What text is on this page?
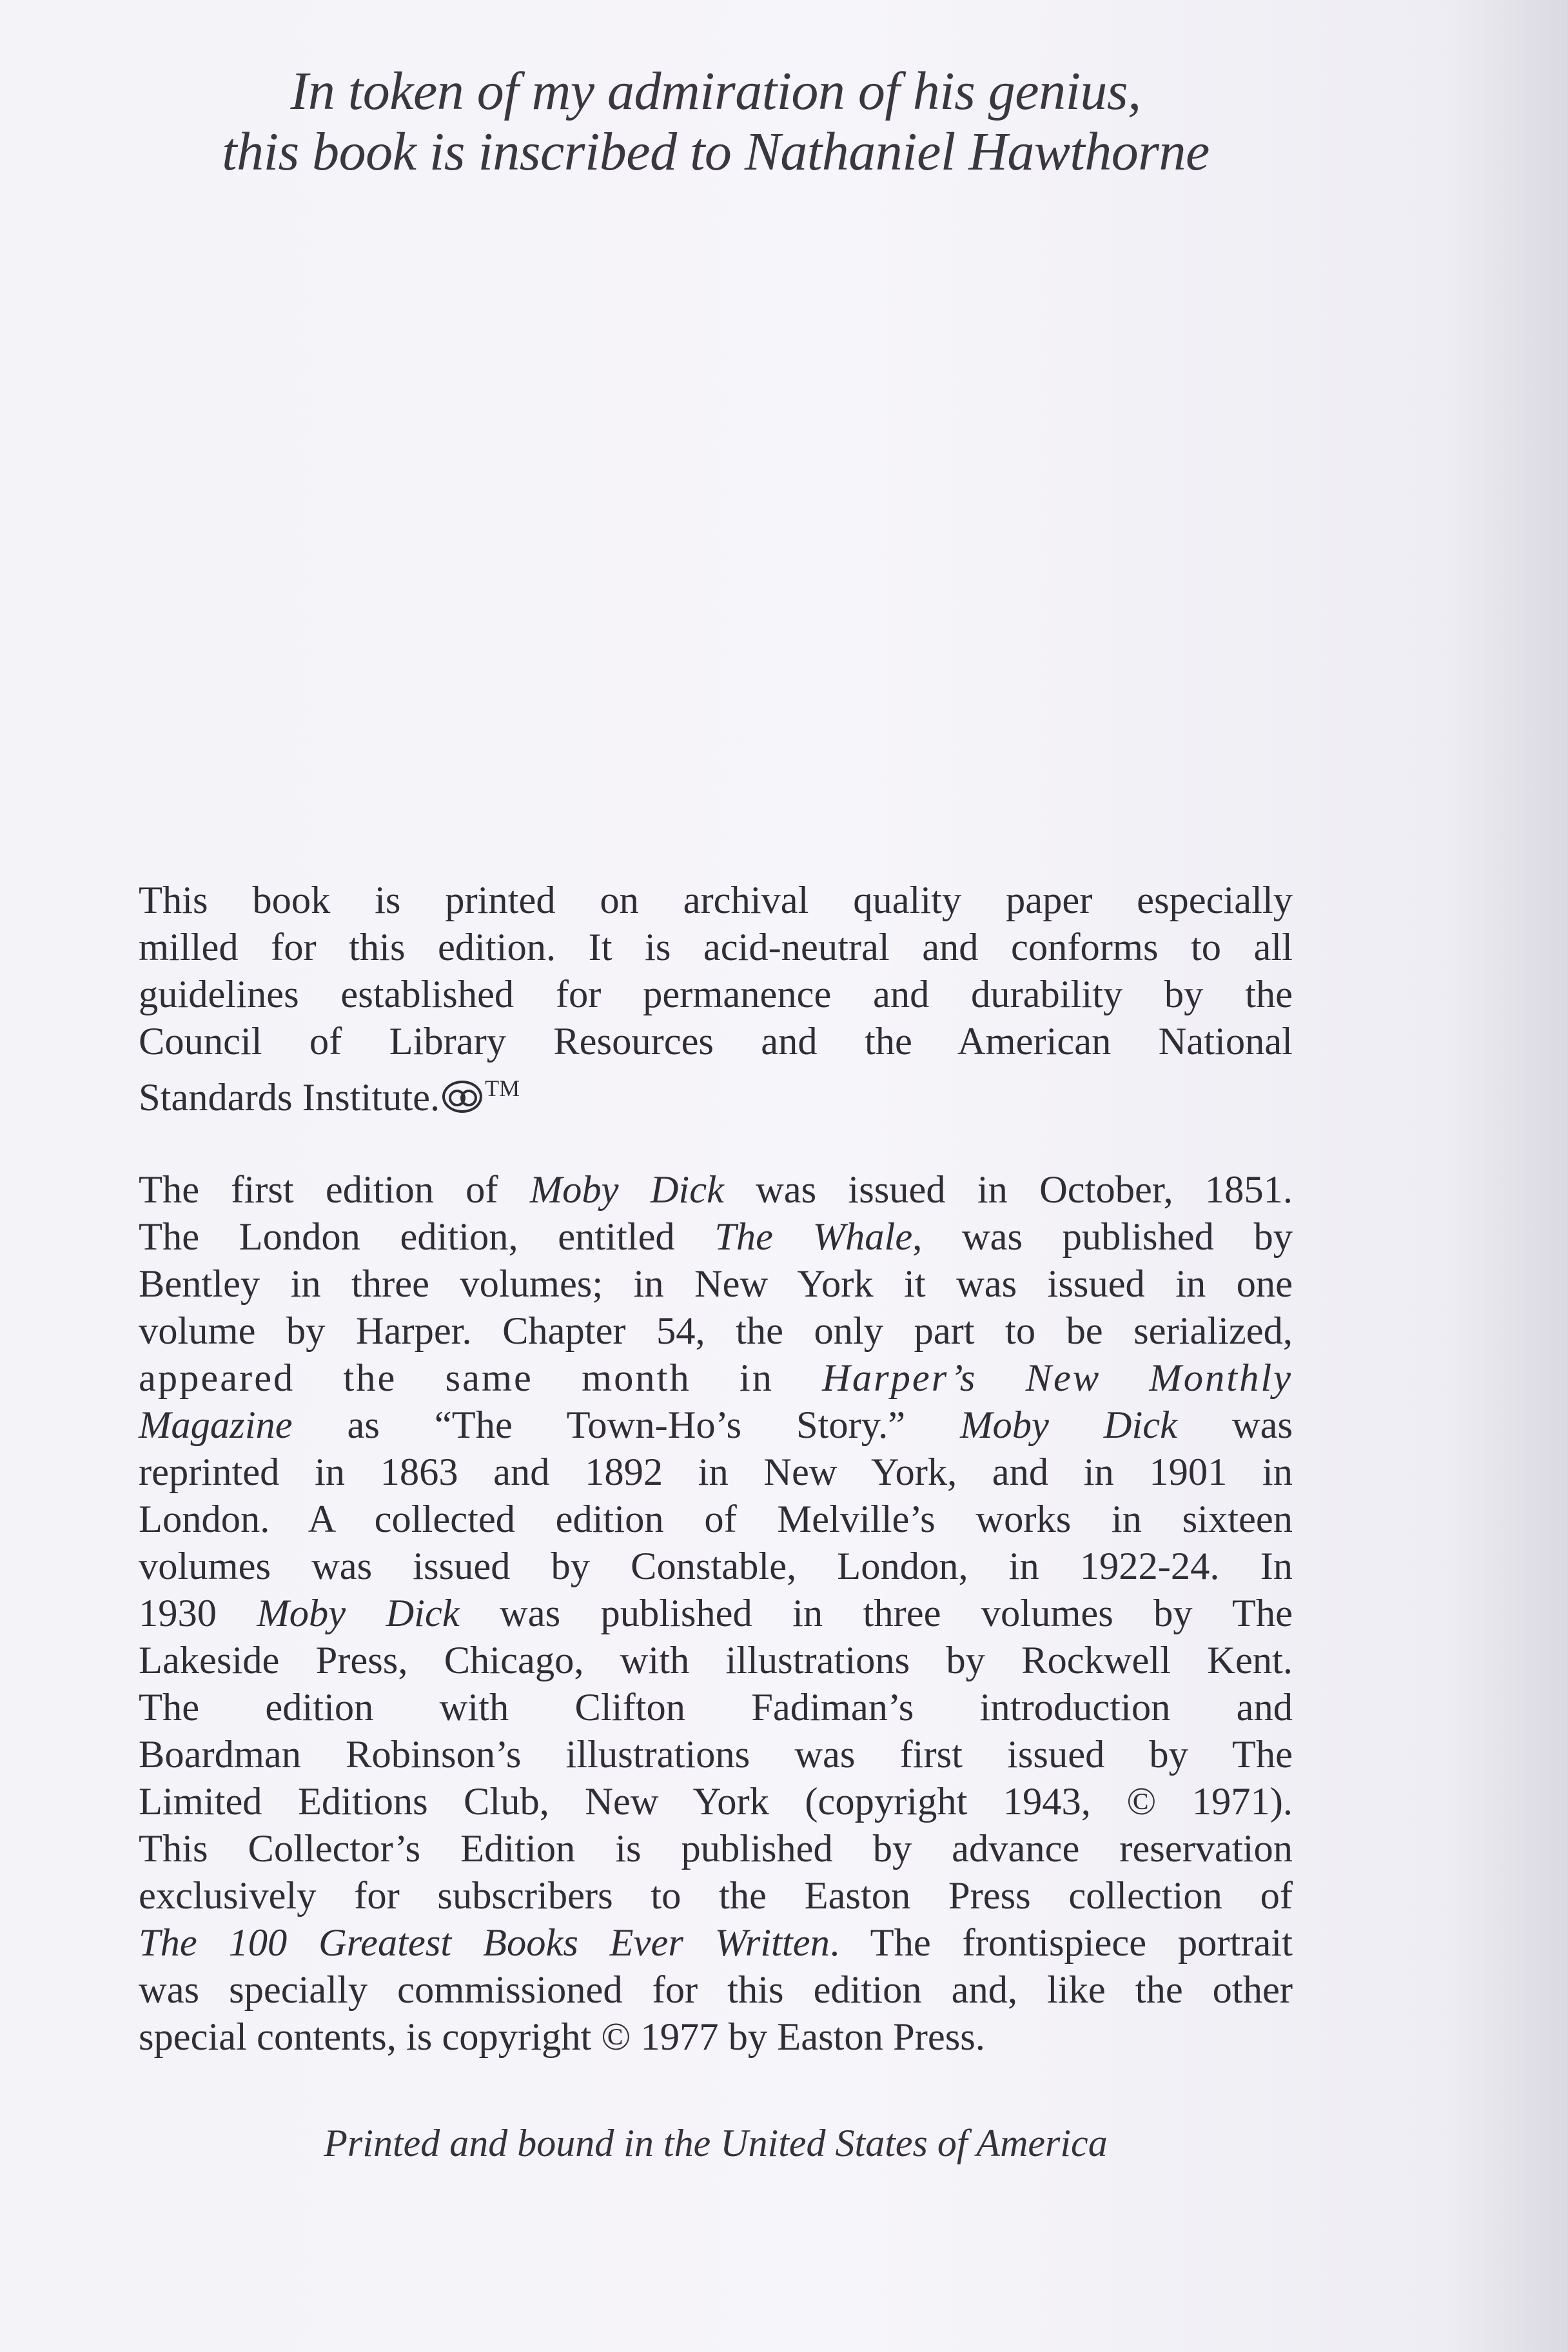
In token of my admiration of his genius,
this book is inscribed to Nathaniel Hawthorne

This book is printed on archival quality paper especially
milled for this edition. It is acid-neutral and conforms to all
guidelines established for permanence and durability by the
Council of Library Resources and the American National
Standards Institute. ™

The first edition of Moby Dick was issued in October, 1851.
The London edition, entitled The Whale, was published by
Bentley in three volumes; in New York it was issued in one
volume by Harper. Chapter 54, the only part to be serialized,
appeared the same month in Harper’s New Monthly
Magazine as “The Town-Ho’s Story.” Moby Dick was
reprinted in 1863 and 1892 in New York, and in 1901 in
London. A collected edition of Melville’s works in sixteen
volumes was issued by Constable, London, in 1922-24. In
1930 Moby Dick was published in three volumes by The
Lakeside Press, Chicago, with illustrations by Rockwell Kent.
The edition with Clifton Fadiman’s introduction and
Boardman Robinson’s illustrations was first issued by The
Limited Editions Club, New York (copyright 1943, © 1971).
This Collector’s Edition is published by advance reservation
exclusively for subscribers to the Easton Press collection of
The 100 Greatest Books Ever Written. The frontispiece portrait
was specially commissioned for this edition and, like the other
special contents, is copyright © 1977 by Easton Press.

Printed and bound in the United States of America
